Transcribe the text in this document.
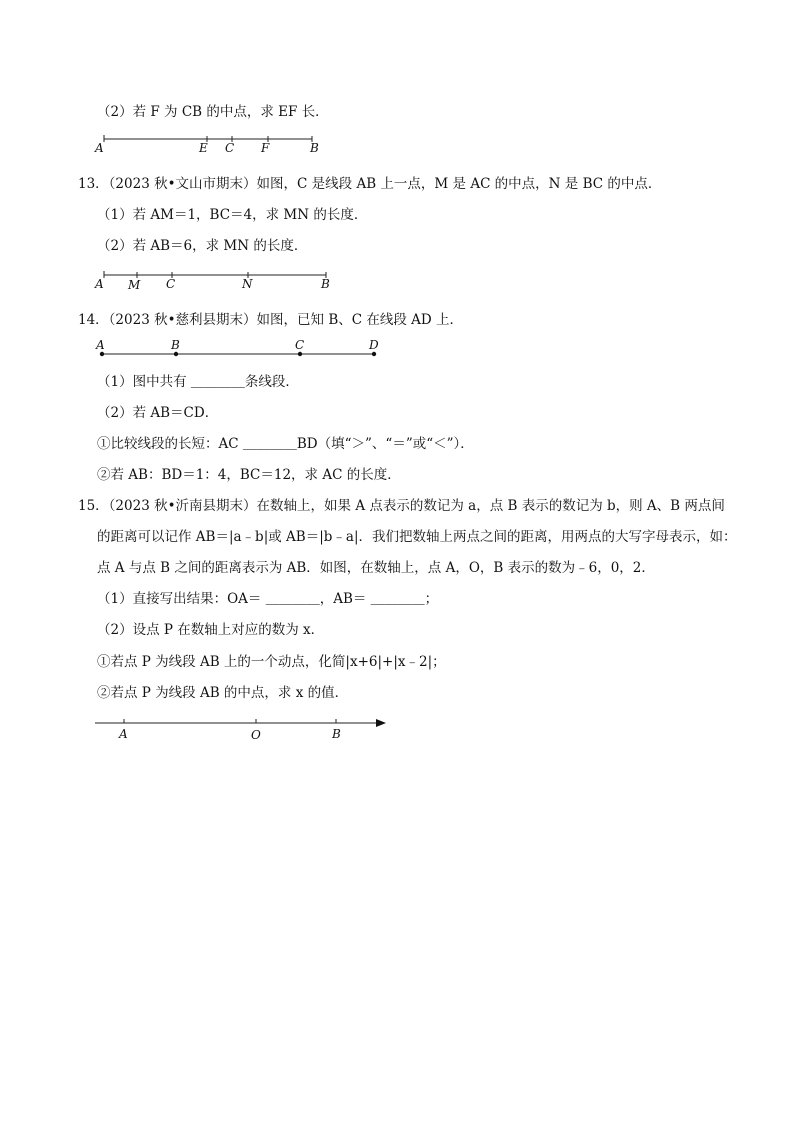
（2）若 F 为 CB 的中点，求 EF 长．
A	E C F	B
13．（2023 秋•文山市期末）如图，C 是线段 AB 上一点，M 是 AC 的中点，N 是 BC 的中点．
（1）若 AM＝1，BC＝4，求 MN 的长度．
（2）若 AB＝6，求 MN 的长度．
A M C	N	B
14．（2023 秋•慈利县期末）如图，已知 B、C 在线段 AD 上．
A	B	C	D
（1）图中共有 ＿＿＿＿条线段．
（2）若 AB＝CD．
①比较线段的长短：AC ＿＿＿＿BD（填“＞”、“＝”或“＜”）．
②若 AB：BD＝1：4，BC＝12，求 AC 的长度．
15．（2023 秋•沂南县期末）在数轴上，如果 A 点表示的数记为 a，点 B 表示的数记为 b，则 A、B 两点间
的距离可以记作 AB＝|a﹣b|或 AB＝|b﹣a|．我们把数轴上两点之间的距离，用两点的大写字母表示，如：
点 A 与点 B 之间的距离表示为 AB．如图，在数轴上，点 A，O，B 表示的数为﹣6，0，2．
（1）直接写出结果：OA＝ ＿＿＿＿，AB＝ ＿＿＿＿；
（2）设点 P 在数轴上对应的数为 x．
①若点 P 为线段 AB 上的一个动点，化简|x+6|+|x﹣2|；
②若点 P 为线段 AB 的中点，求 x 的值．
A	O	B
